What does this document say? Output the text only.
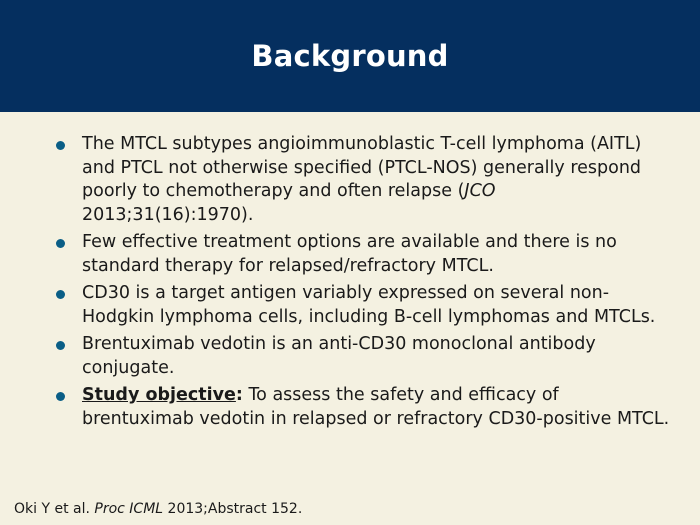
Background
The MTCL subtypes angioimmunoblastic T-cell lymphoma (AITL) and PTCL not otherwise specified (PTCL-NOS) generally respond poorly to chemotherapy and often relapse (JCO 2013;31(16):1970).
Few effective treatment options are available and there is no standard therapy for relapsed/refractory MTCL.
CD30 is a target antigen variably expressed on several non-Hodgkin lymphoma cells, including B-cell lymphomas and MTCLs.
Brentuximab vedotin is an anti-CD30 monoclonal antibody conjugate.
Study objective: To assess the safety and efficacy of brentuximab vedotin in relapsed or refractory CD30-positive MTCL.
Oki Y et al. Proc ICML 2013;Abstract 152.
